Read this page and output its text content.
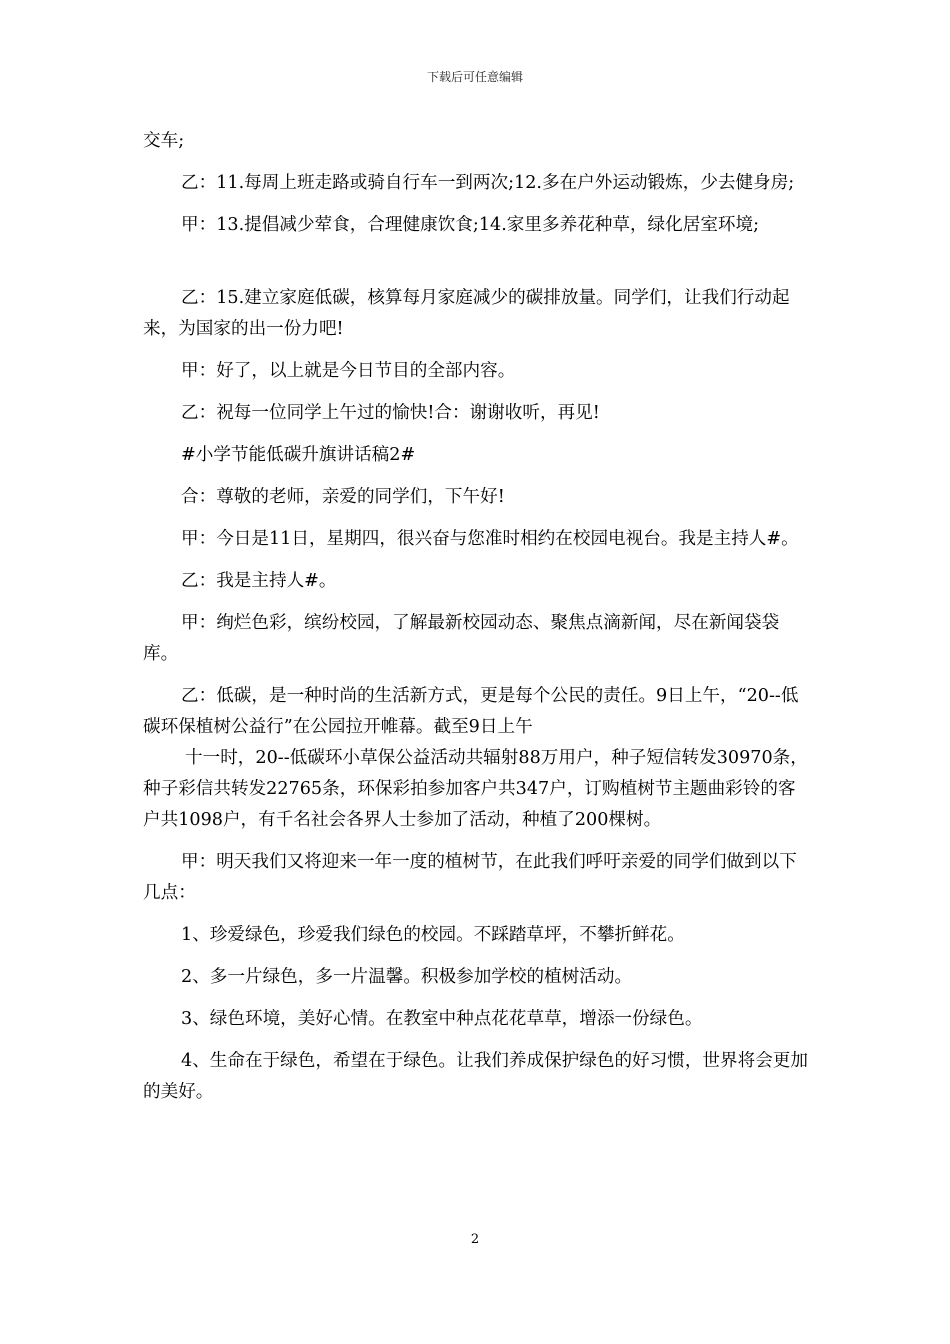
下载后可任意编辑

交车;

乙：11.每周上班走路或骑自行车一到两次;12.多在户外运动锻炼，少去健身房;

甲：13.提倡减少荤食，合理健康饮食;14.家里多养花种草，绿化居室环境;

乙：15.建立家庭低碳，核算每月家庭减少的碳排放量。同学们，让我们行动起来，为国家的出一份力吧!

甲：好了，以上就是今日节目的全部内容。

乙：祝每一位同学上午过的愉快!合：谢谢收听，再见!

#小学节能低碳升旗讲话稿2#

合：尊敬的老师，亲爱的同学们，下午好!

甲：今日是11日，星期四，很兴奋与您准时相约在校园电视台。我是主持人#。

乙：我是主持人#。

甲：绚烂色彩，缤纷校园，了解最新校园动态、聚焦点滴新闻，尽在新闻袋袋库。

乙：低碳，是一种时尚的生活新方式，更是每个公民的责任。9日上午，“20--低碳环保植树公益行”在公园拉开帷幕。截至9日上午

十一时，20--低碳环小草保公益活动共辐射88万用户，种子短信转发30970条，种子彩信共转发22765条，环保彩拍参加客户共347户，订购植树节主题曲彩铃的客户共1098户，有千名社会各界人士参加了活动，种植了200棵树。

甲：明天我们又将迎来一年一度的植树节，在此我们呼吁亲爱的同学们做到以下几点：

1、珍爱绿色，珍爱我们绿色的校园。不踩踏草坪，不攀折鲜花。

2、多一片绿色，多一片温馨。积极参加学校的植树活动。

3、绿色环境，美好心情。在教室中种点花花草草，增添一份绿色。

4、生命在于绿色，希望在于绿色。让我们养成保护绿色的好习惯，世界将会更加的美好。

2
